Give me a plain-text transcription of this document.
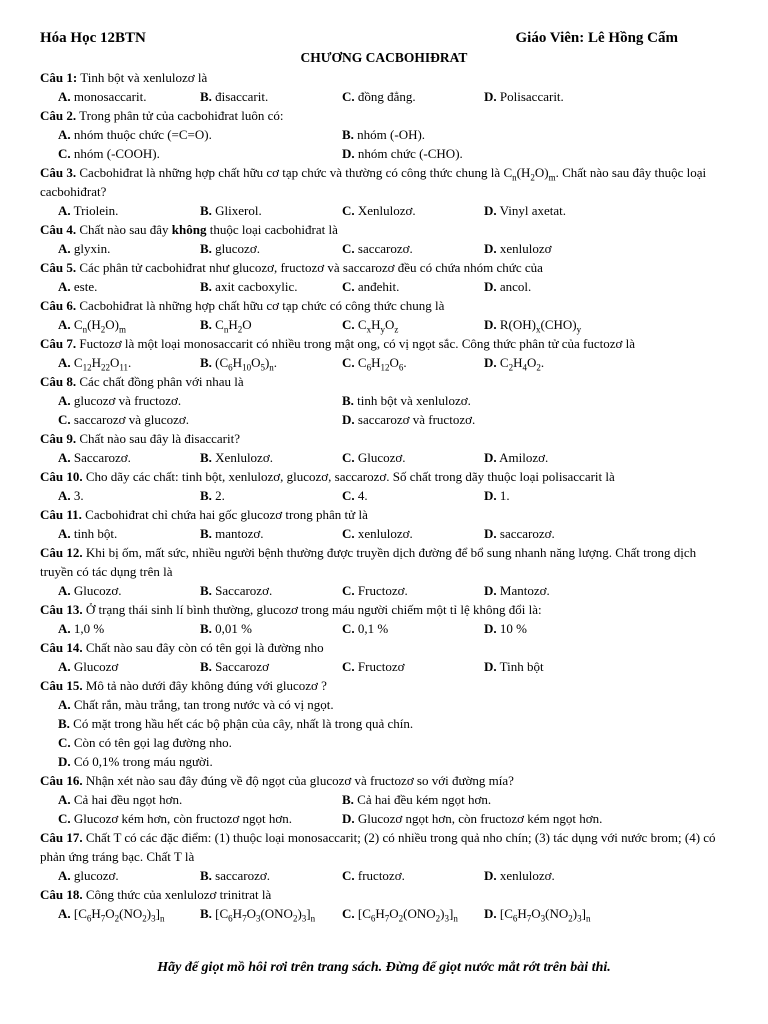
Hóa Học 12BTN	Giáo Viên: Lê Hồng Cẩm
CHƯƠNG CACBOHIĐRAT

Câu 1: Tinh bột và xenlulozơ là

A. monosaccarit.	B. đisaccarit.	C. đồng đẳng.	D. Polisaccarit.

Câu 2. Trong phân tử của cacbohiđrat luôn có:

A. nhóm thuộc chức (=C=O).	B. nhóm (-OH).
C. nhóm (-COOH).	D. nhóm chức (-CHO).

Câu 3. Cacbohiđrat là những hợp chất hữu cơ tạp chức và thường có công thức chung là $C_n(H_2O)_m$. Chất nào sau đây thuộc loại cacbohiđrat?

A. Triolein.	B. Glixerol.	C. Xenlulozơ.	D. Vinyl axetat.

Câu 4. Chất nào sau đây không thuộc loại cacbohiđrat là

A. glyxin.	B. glucozơ.	C. saccarozơ.	D. xenlulozơ

Câu 5. Các phân tử cacbohiđrat như glucozơ, fructozơ và saccarozơ đều có chứa nhóm chức của

A. este.	B. axit cacboxylic.	C. anđehit.	D. ancol.

Câu 6. Cacbohiđrat là những hợp chất hữu cơ tạp chức có công thức chung là

A. $C_n(H_2O)_m$	B. $C_nH_2O$	C. $C_xH_yO_z$	D. $R(OH)_x(CHO)_y$

Câu 7. Fuctozơ là một loại monosaccarit có nhiều trong mật ong, có vị ngọt sắc. Công thức phân tử của fuctozơ là

A. $C_{12}H_{22}O_{11}$.	B. $(C_6H_{10}O_5)_n$.	C. $C_6H_{12}O_6$.	D. $C_2H_4O_2$.

Câu 8. Các chất đồng phân với nhau là

A. glucozơ và fructozơ.	B. tinh bột và xenlulozơ.
C. saccarozơ và glucozơ.	D. saccarozơ và fructozơ.

Câu 9. Chất nào sau đây là đisaccarit?

A. Saccarozơ.	B. Xenlulozơ.	C. Glucozơ.	D. Amilozơ.

Câu 10. Cho dãy các chất: tinh bột, xenlulozơ, glucozơ, saccarozơ. Số chất trong dãy thuộc loại polisaccarit là

A. 3.	B. 2.	C. 4.	D. 1.

Câu 11. Cacbohiđrat chỉ chứa hai gốc glucozơ trong phân tử là

A. tinh bột.	B. mantozơ.	C. xenlulozơ.	D. saccarozơ.

Câu 12. Khi bị ốm, mất sức, nhiều người bệnh thường được truyền dịch đường để bổ sung nhanh năng lượng. Chất trong dịch truyền có tác dụng trên là

A. Glucozơ.	B. Saccarozơ.	C. Fructozơ.	D. Mantozơ.

Câu 13. Ở trạng thái sinh lí bình thường, glucozơ trong máu người chiếm một tỉ lệ không đổi là:

A. 1,0 %	B. 0,01 %	C. 0,1 %	D. 10 %

Câu 14. Chất nào sau đây còn có tên gọi là đường nho

A. Glucozơ	B. Saccarozơ	C. Fructozơ	D. Tinh bột

Câu 15. Mô tả nào dưới đây không đúng với glucozơ ?

A. Chất rắn, màu trắng, tan trong nước và có vị ngọt.
B. Có mặt trong hầu hết các bộ phận của cây, nhất là trong quả chín.
C. Còn có tên gọi lag đường nho.
D. Có 0,1% trong máu người.

Câu 16. Nhận xét nào sau đây đúng về độ ngọt của glucozơ và fructozơ so với đường mía?

A. Cả hai đều ngọt hơn.	B. Cả hai đều kém ngọt hơn.
C. Glucozơ kém hơn, còn fructozơ ngọt hơn.	D. Glucozơ ngọt hơn, còn fructozơ kém ngọt hơn.

Câu 17. Chất T có các đặc điểm: (1) thuộc loại monosaccarit; (2) có nhiều trong quả nho chín; (3) tác dụng với nước brom; (4) có phản ứng tráng bạc. Chất T là

A. glucozơ.	B. saccarozơ.	C. fructozơ.	D. xenlulozơ.

Câu 18. Công thức của xenlulozơ trinitrat là

A. $[C_6H_7O_2(NO_2)_3]_n$	B. $[C_6H_7O_3(ONO_2)_3]_n$	C. $[C_6H_7O_2(ONO_2)_3]_n$	D. $[C_6H_7O_3(NO_2)_3]_n$
Hãy để giọt mồ hôi rơi trên trang sách. Đừng để giọt nước mắt rớt trên bài thi.
